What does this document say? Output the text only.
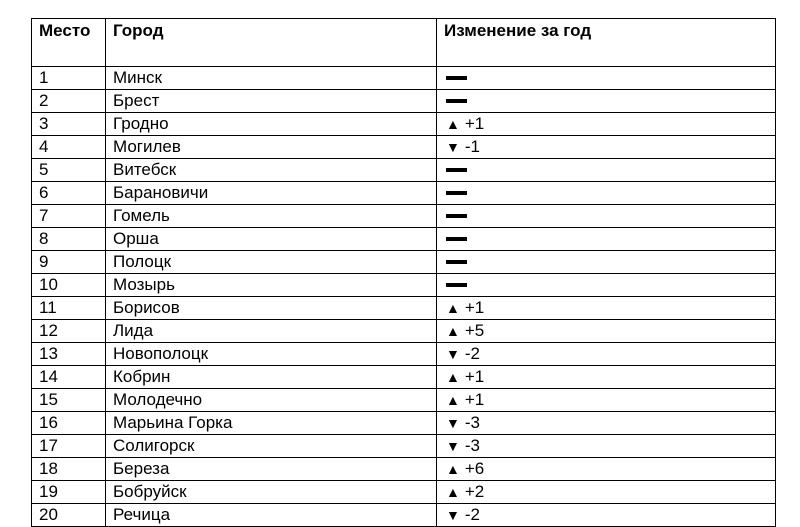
Место	Город	Изменение за год
1	Минск	
2	Брест	
3	Гродно	▲ +1
4	Могилев	▼ -1
5	Витебск	
6	Барановичи	
7	Гомель	
8	Орша	
9	Полоцк	
10	Мозырь	
11	Борисов	▲ +1
12	Лида	▲ +5
13	Новополоцк	▼ -2
14	Кобрин	▲ +1
15	Молодечно	▲ +1
16	Марьина Горка	▼ -3
17	Солигорск	▼ -3
18	Береза	▲ +6
19	Бобруйск	▲ +2
20	Речица	▼ -2
